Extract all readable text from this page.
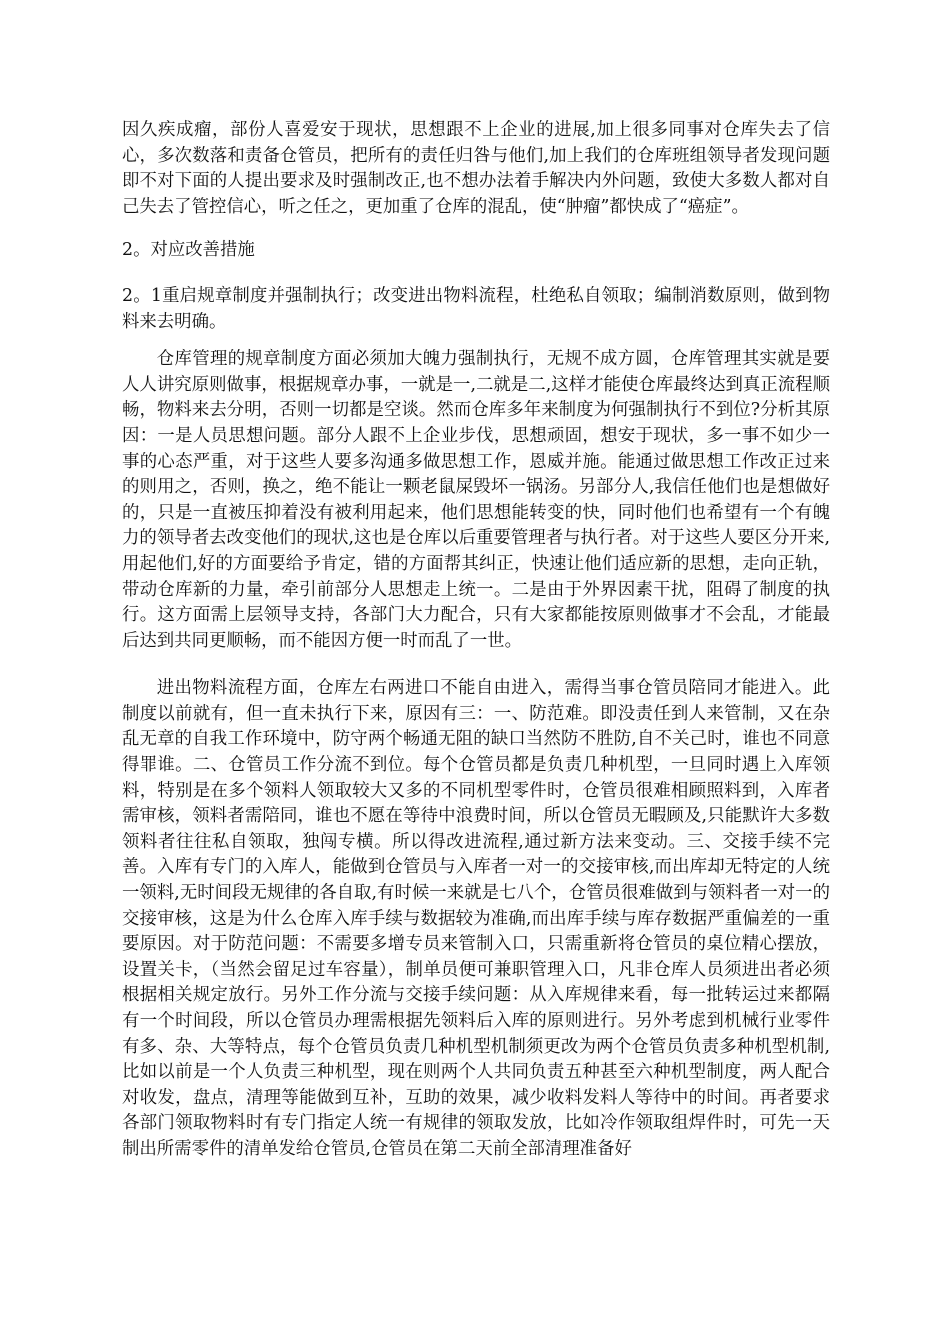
因久疾成瘤，部份人喜爱安于现状，思想跟不上企业的进展,加上很多同事对仓库失去了信心，多次数落和责备仓管员，把所有的责任归咎与他们,加上我们的仓库班组领导者发现问题即不对下面的人提出要求及时强制改正,也不想办法着手解决内外问题，致使大多数人都对自己失去了管控信心，听之任之，更加重了仓库的混乱，使“肿瘤”都快成了“癌症”。

2。对应改善措施

2。1重启规章制度并强制执行；改变进出物料流程，杜绝私自领取；编制消数原则，做到物料来去明确。

仓库管理的规章制度方面必须加大魄力强制执行，无规不成方圆，仓库管理其实就是要人人讲究原则做事，根据规章办事，一就是一,二就是二,这样才能使仓库最终达到真正流程顺畅，物料来去分明，否则一切都是空谈。然而仓库多年来制度为何强制执行不到位?分析其原因：一是人员思想问题。部分人跟不上企业步伐，思想顽固，想安于现状，多一事不如少一事的心态严重，对于这些人要多沟通多做思想工作，恩威并施。能通过做思想工作改正过来的则用之，否则，换之，绝不能让一颗老鼠屎毁坏一锅汤。另部分人,我信任他们也是想做好的，只是一直被压抑着没有被利用起来，他们思想能转变的快，同时他们也希望有一个有魄力的领导者去改变他们的现状,这也是仓库以后重要管理者与执行者。对于这些人要区分开来,用起他们,好的方面要给予肯定，错的方面帮其纠正，快速让他们适应新的思想，走向正轨，带动仓库新的力量，牵引前部分人思想走上统一。二是由于外界因素干扰，阻碍了制度的执行。这方面需上层领导支持，各部门大力配合，只有大家都能按原则做事才不会乱，才能最后达到共同更顺畅，而不能因方便一时而乱了一世。

进出物料流程方面，仓库左右两进口不能自由进入，需得当事仓管员陪同才能进入。此制度以前就有，但一直未执行下来，原因有三：一、防范难。即没责任到人来管制，又在杂乱无章的自我工作环境中，防守两个畅通无阻的缺口当然防不胜防,自不关己时，谁也不同意得罪谁。二、仓管员工作分流不到位。每个仓管员都是负责几种机型，一旦同时遇上入库领料，特别是在多个领料人领取较大又多的不同机型零件时，仓管员很难相顾照料到，入库者需审核，领料者需陪同，谁也不愿在等待中浪费时间，所以仓管员无暇顾及,只能默许大多数领料者往往私自领取，独闯专横。所以得改进流程,通过新方法来变动。三、交接手续不完善。入库有专门的入库人，能做到仓管员与入库者一对一的交接审核,而出库却无特定的人统一领料,无时间段无规律的各自取,有时候一来就是七八个，仓管员很难做到与领料者一对一的交接审核，这是为什么仓库入库手续与数据较为准确,而出库手续与库存数据严重偏差的一重要原因。对于防范问题：不需要多增专员来管制入口，只需重新将仓管员的桌位精心摆放，设置关卡，（当然会留足过车容量），制单员便可兼职管理入口，凡非仓库人员须进出者必须根据相关规定放行。另外工作分流与交接手续问题：从入库规律来看，每一批转运过来都隔有一个时间段，所以仓管员办理需根据先领料后入库的原则进行。另外考虑到机械行业零件有多、杂、大等特点，每个仓管员负责几种机型机制须更改为两个仓管员负责多种机型机制,比如以前是一个人负责三种机型，现在则两个人共同负责五种甚至六种机型制度，两人配合对收发，盘点，清理等能做到互补，互助的效果，减少收料发料人等待中的时间。再者要求各部门领取物料时有专门指定人统一有规律的领取发放，比如冷作领取组焊件时，可先一天制出所需零件的清单发给仓管员,仓管员在第二天前全部清理准备好
